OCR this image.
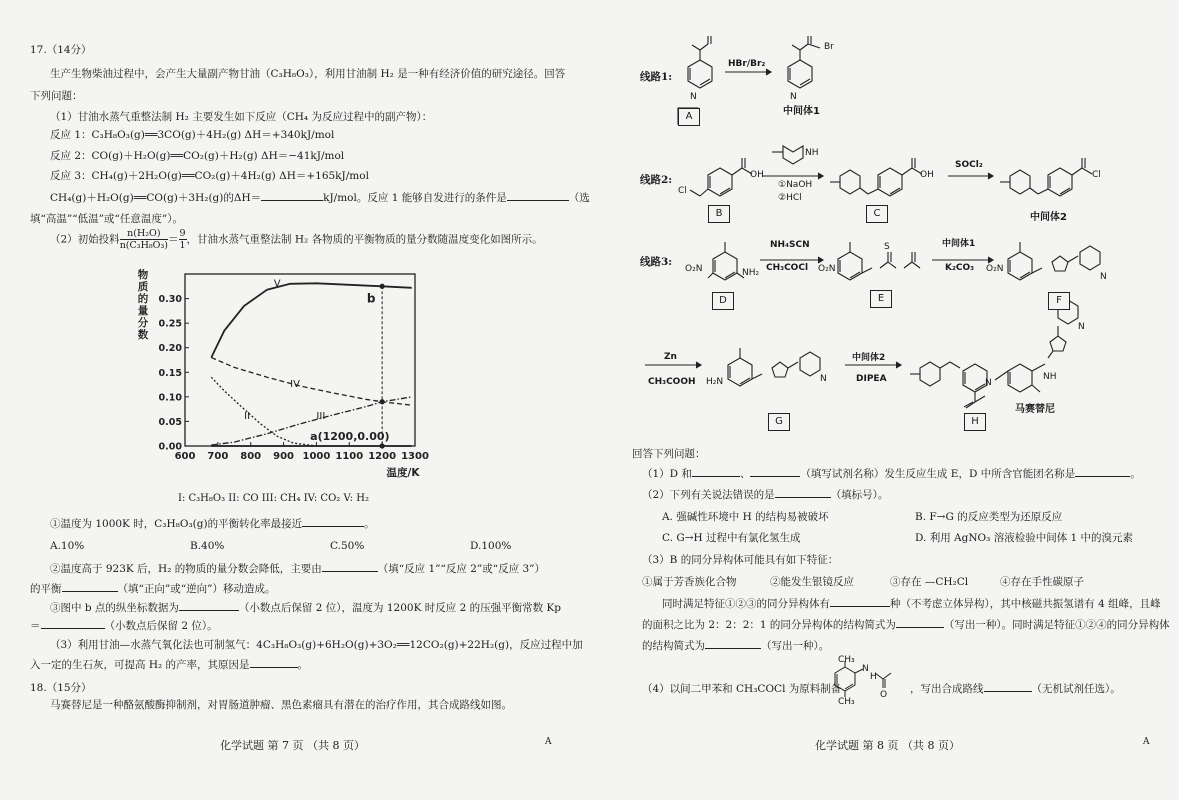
17.（14分）
生产生物柴油过程中，会产生大量副产物甘油（C₃H₈O₃），利用甘油制 H₂ 是一种有经济价值的研究途径。回答
下列问题：
（1）甘油水蒸气重整法制 H₂ 主要发生如下反应（CH₄ 为反应过程中的副产物）：
反应 1：C₃H₈O₃(g)══3CO(g)＋4H₂(g) ΔH＝+340kJ/mol
反应 2：CO(g)＋H₂O(g)══CO₂(g)＋H₂(g) ΔH＝−41kJ/mol
反应 3：CH₄(g)＋2H₂O(g)══CO₂(g)＋4H₂(g) ΔH＝+165kJ/mol
CH₄(g)＋H₂O(g)══CO(g)＋3H₂(g)的ΔH＝	kJ/mol。反应 1 能够自发进行的条件是	（选
填“高温”“低温”或“任意温度”）。
（2）初始投料 $\frac{\text{n(H₂O)}}{\text{n(C₃H₈O₃)}} = \frac{9}{1}$ ，甘油水蒸气重整法制 H₂ 各物质的平衡物质的量分数随温度变化如图所示。
600 700 800 900 1000 1100 1200 1300
0.00
0.05
0.10
0.15
0.20
0.25
0.30
物
质
的
量
分
数
温度/K
V
IV
III
II
b
a(1200,0.00)
I: C₃H₈O₃ II: CO III: CH₄ IV: CO₂ V: H₂
①温度为 1000K 时，C₃H₈O₃(g)的平衡转化率最接近	。
A.10%	B.40%	C.50%	D.100%
②温度高于 923K 后，H₂ 的物质的量分数会降低，主要由	（填“反应 1”“反应 2”或“反应 3”）
的平衡	（填“正向”或“逆向”）移动造成。
③图中 b 点的纵坐标数据为	（小数点后保留 2 位），温度为 1200K 时反应 2 的压强平衡常数 Kp
＝	（小数点后保留 2 位）。
（3）利用甘油—水蒸气氧化法也可制氢气：4C₃H₈O₃(g)+6H₂O(g)+3O₂══12CO₂(g)+22H₂(g)，反应过程中加
入一定的生石灰，可提高 H₂ 的产率，其原因是	。
18.（15分）
马赛替尼是一种酪氨酸酶抑制剂，对胃肠道肿瘤、黑色素瘤具有潜在的治疗作用，其合成路线如图。
化学试题 第 7 页 （共 8 页）	A
线路1:
HBr/Br₂
N
Br
N
中间体1
A
线路2:
Cl
OH
NH
①NaOH
②HCl
OH
SOCl₂
Cl
中间体2
B	C
线路3:
O₂N	NH₂
NH₄SCN
CH₃COCl O₂N
S	中间体1
K₂CO₃ O₂N
N
D	E	F
Zn
CH₃COOH H₂N	N
中间体2
DIPEA
N
NH
N
马赛替尼
G	H
回答下列问题：
（1）D 和	、	（填写试剂名称）发生反应生成 E，D 中所含官能团名称是	。
（2）下列有关说法错误的是	（填标号）。
A. 强碱性环境中 H 的结构易被破坏	B. F→G 的反应类型为还原反应
C. G→H 过程中有氯化氢生成	D. 利用 AgNO₃ 溶液检验中间体 1 中的溴元素
（3）B 的同分异构体可能具有如下特征：
①属于芳香族化合物	②能发生银镜反应	③存在 —CH₂Cl	④存在手性碳原子
同时满足特征①②③的同分异构体有	种（不考虑立体异构），其中核磁共振氢谱有 4 组峰，且峰
的面积之比为 2：2：2：1 的同分异构体的结构简式为	（写出一种）。同时满足特征①②④的同分异构体
的结构简式为	（写出一种）。
CH₃
CH₃
N
H
O
（4）以间二甲苯和 CH₃COCl 为原料制备	，写出合成路线	（无机试剂任选）。
化学试题 第 8 页 （共 8 页）	A
